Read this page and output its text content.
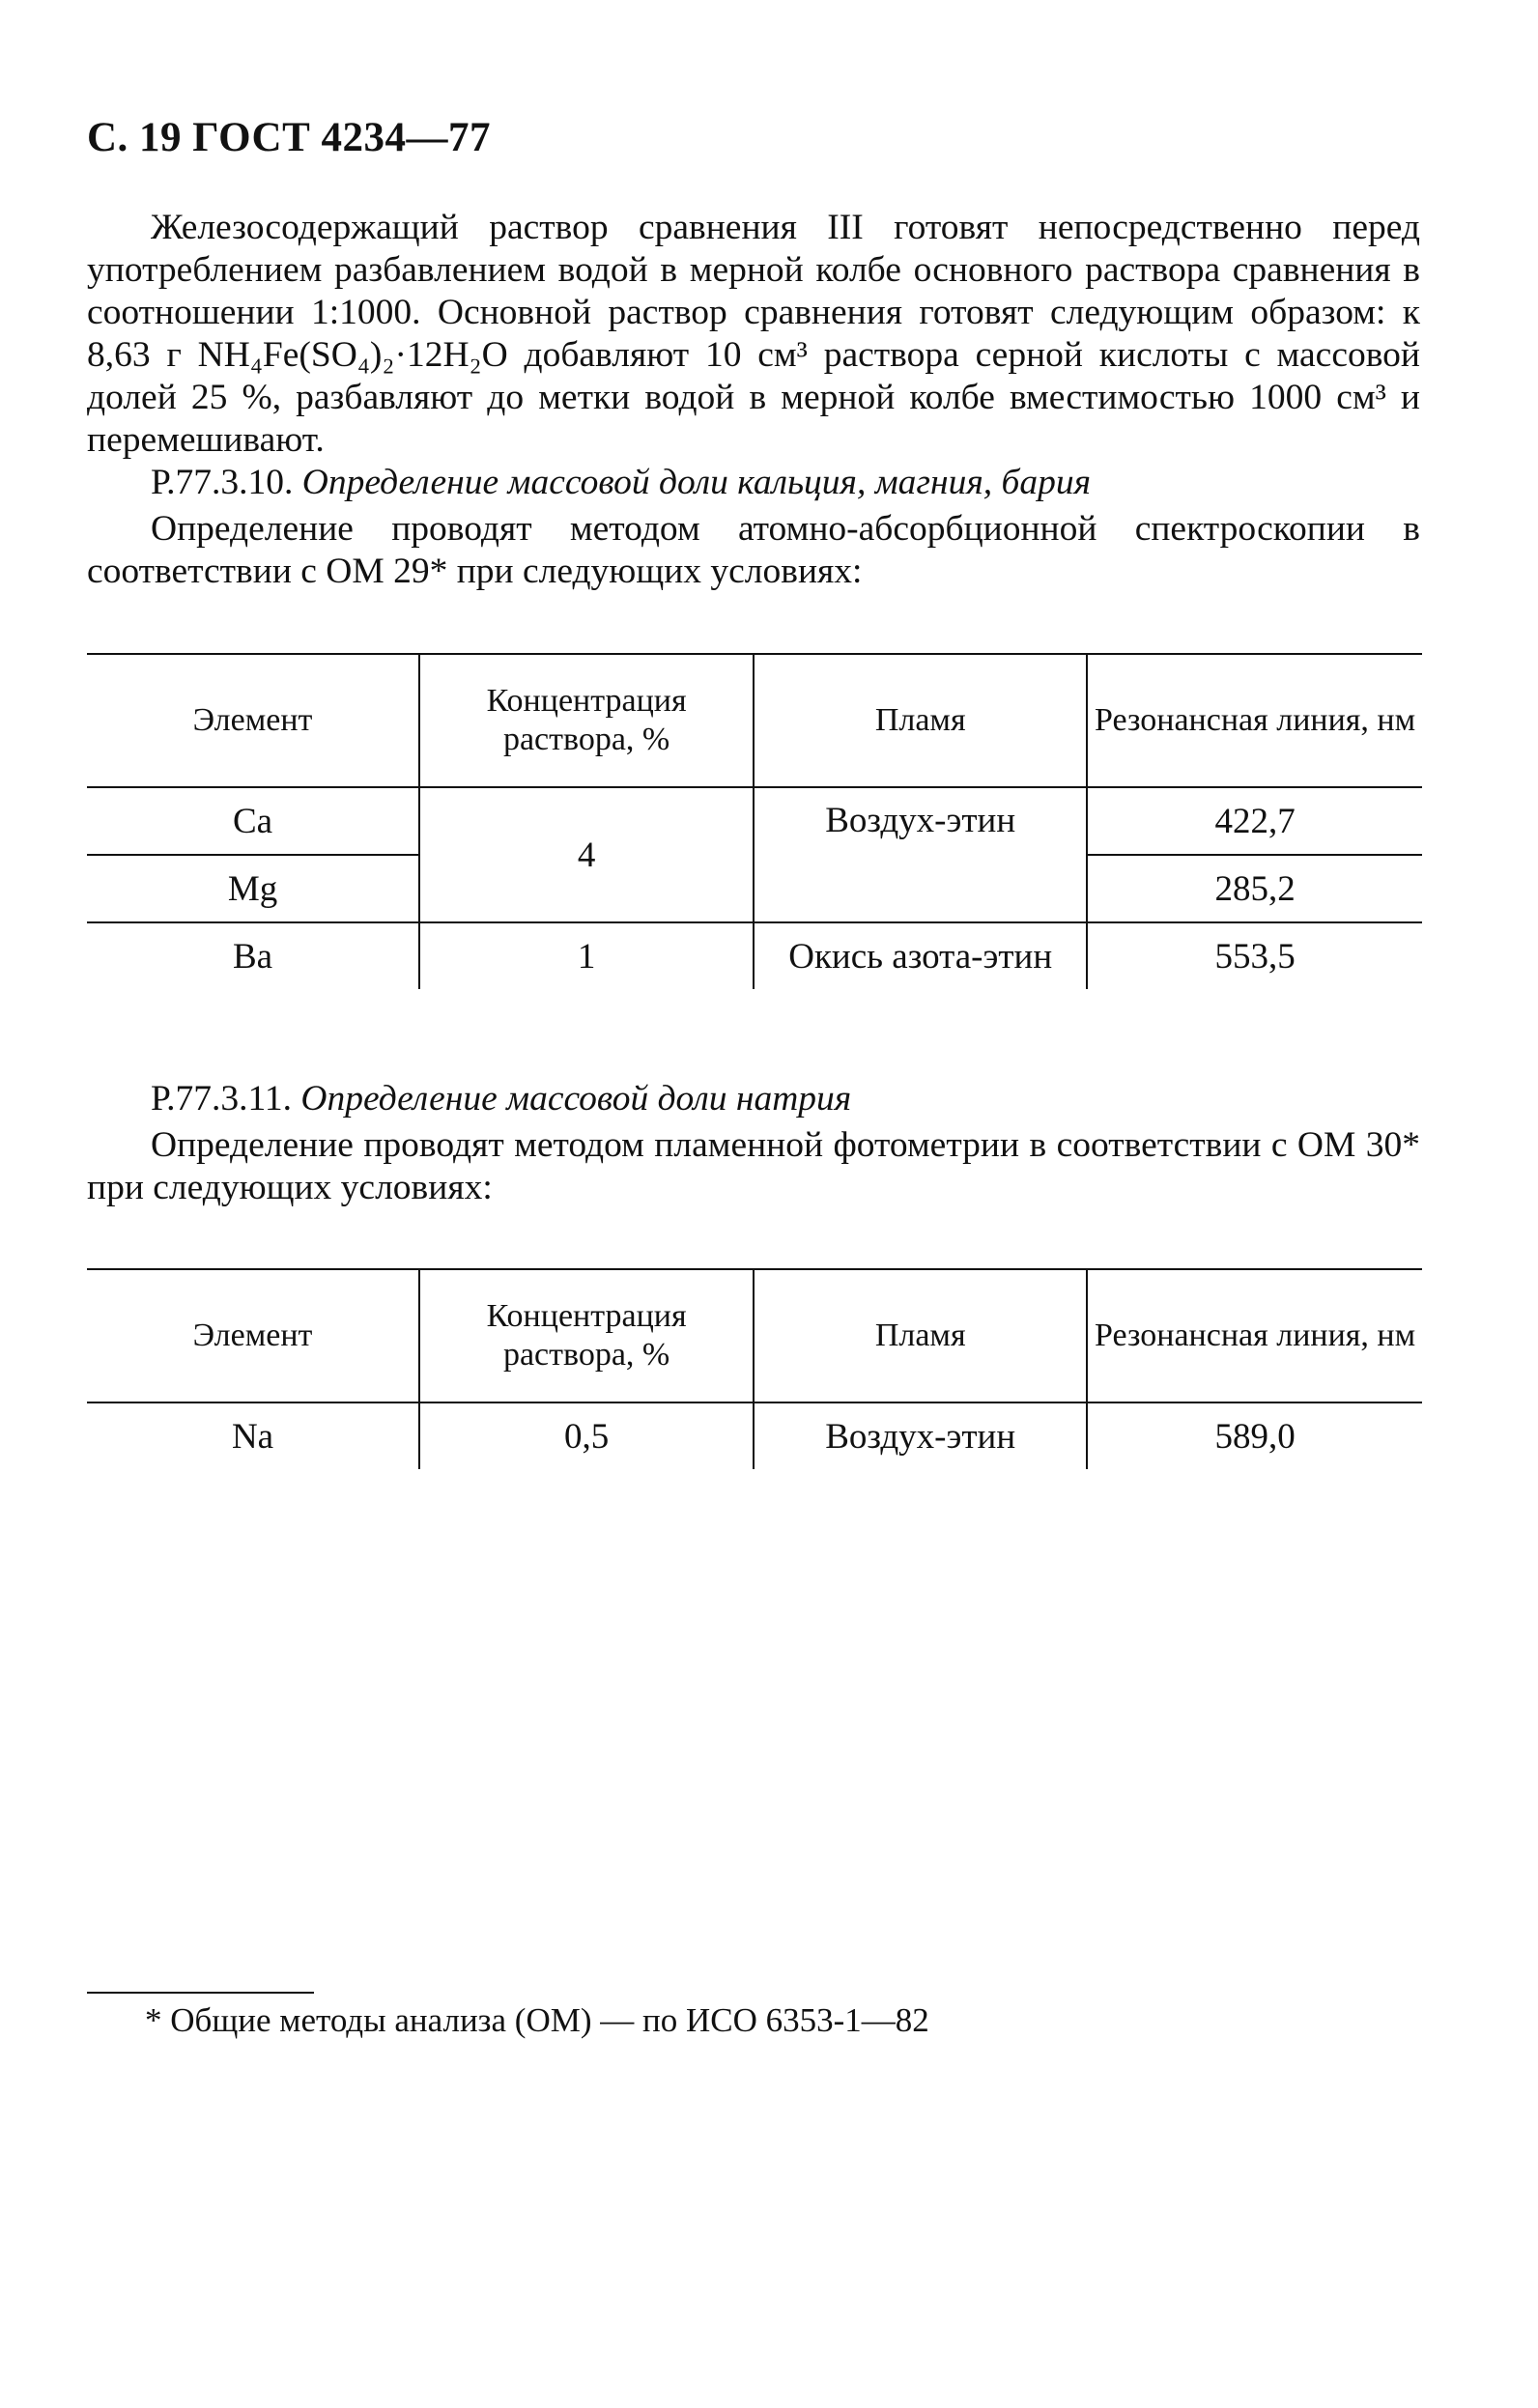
С. 19 ГОСТ 4234—77

Железосодержащий раствор сравнения III готовят непосредственно перед употреблением разбавлением водой в мерной колбе основного раствора сравнения в соотношении 1:1000. Основной раствор сравнения готовят следующим образом: к 8,63 г NH₄Fe(SO₄)₂·12H₂O добавляют 10 см³ раствора серной кислоты с массовой долей 25 %, разбавляют до метки водой в мерной колбе вместимостью 1000 см³ и перемешивают.

Р.77.3.10. Определение массовой доли кальция, магния, бария

Определение проводят методом атомно-абсорбционной спектроскопии в соответствии с ОМ 29* при следующих условиях:

Элемент	Концентрация раствора, %	Пламя	Резонансная линия, нм
Ca	4	Воздух-этин	422,7
Mg			285,2
Ba	1	Окись азота-этин	553,5
Р.77.3.11. Определение массовой доли натрия

Определение проводят методом пламенной фотометрии в соответствии с ОМ 30* при следующих условиях:

Элемент	Концентрация раствора, %	Пламя	Резонансная линия, нм
Na	0,5	Воздух-этин	589,0
* Общие методы анализа (ОМ) — по ИСО 6353-1—82
